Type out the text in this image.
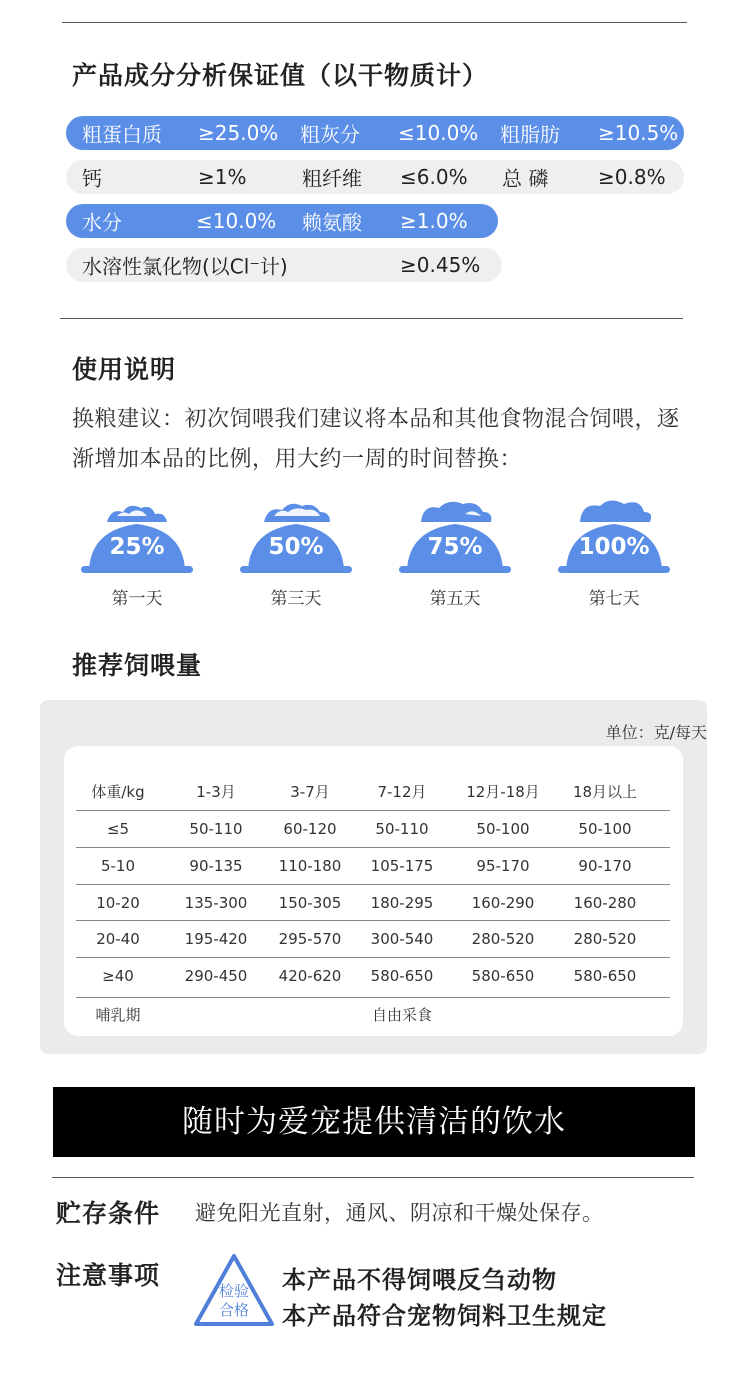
产品成分分析保证值（以干物质计）
粗蛋白质 ≥25.0% 粗灰分 ≤10.0% 粗脂肪 ≥10.5%
钙	≥1%	粗纤维 ≤6.0% 总 磷 ≥0.8%
水分	≤10.0% 赖氨酸 ≥1.0%
水溶性氯化物(以Cl⁻计)	≥0.45%
使用说明
换粮建议：初次饲喂我们建议将本品和其他食物混合饲喂，逐渐增加本品的比例，用大约一周的时间替换：
25%
第一天
50%
第三天
75%
第五天
100%
第七天
推荐饲喂量
单位：克/每天
体重/kg	1-3月	3-7月	7-12月	12月-18月	18月以上
≤5	50-110	60-120	50-110	50-100	50-100
5-10	90-135	110-180	105-175	95-170	90-170
10-20	135-300	150-305	180-295	160-290	160-280
20-40	195-420	295-570	300-540	280-520	280-520
≥40	290-450	420-620	580-650	580-650	580-650
哺乳期	自由采食
随时为爱宠提供清洁的饮水
贮存条件 避免阳光直射，通风、阴凉和干燥处保存。
注意事项
检验
合格
本产品不得饲喂反刍动物
本产品符合宠物饲料卫生规定
